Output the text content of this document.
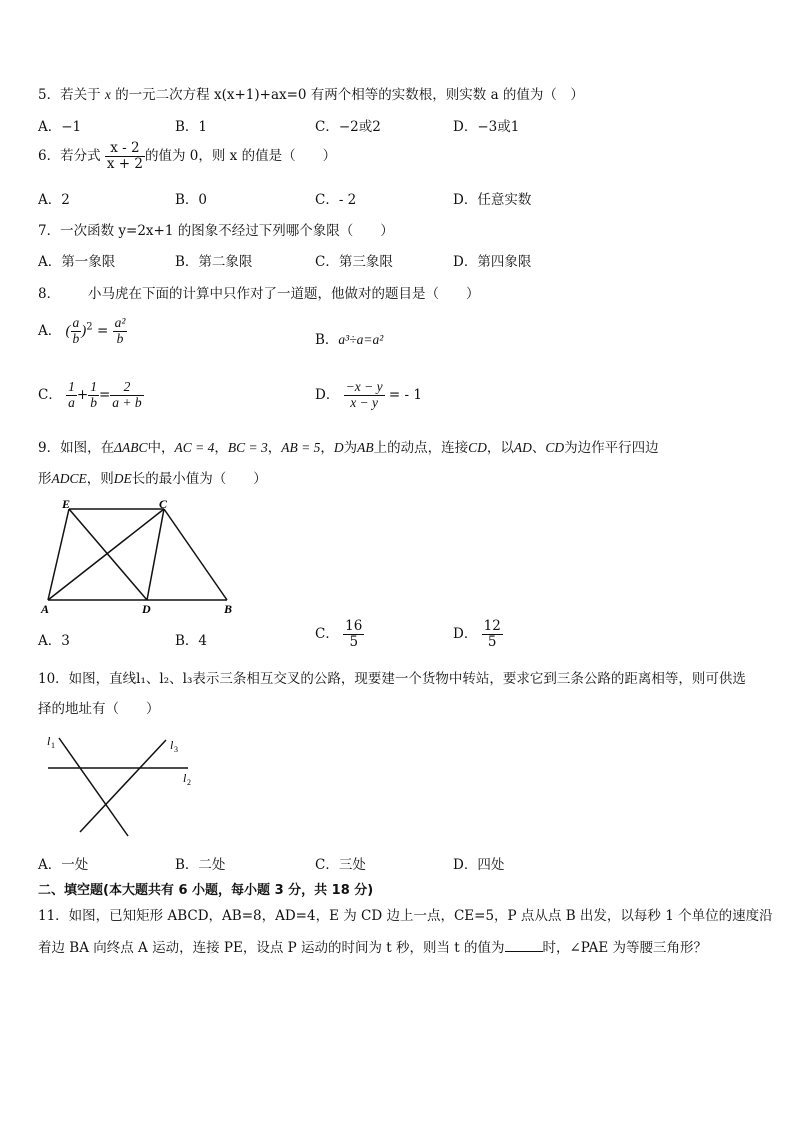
5．若关于 x 的一元二次方程 x(x+1)+ax=0 有两个相等的实数根，则实数 a 的值为（　）
A．−1	B．1	C．−2或2	D．−3或1
6．若分式 $\frac{x - 2}{x + 2}$ 的值为 0，则 x 的值是（　　）
A．2	B．0	C．- 2	D．任意实数
7．一次函数 y=2x+1 的图象不经过下列哪个象限（　　）
A．第一象限	B．第二象限	C．第三象限	D．第四象限
8． 小马虎在下面的计算中只作对了一道题，他做对的题目是（　　）
A． ( $\frac{a}{b} )^2 = \frac{\text{a²}}{b}$	B．a³÷a=a²
C． $\frac{1}{a} + \frac{1}{b} = \frac{2}{a + b}$	D． $\frac{-x - y}{x - y}$ = - 1
9．如图，在ΔABC中，AC = 4，BC = 3，AB = 5，D为AB上的动点，连接CD，以AD、CD为边作平行四边
形ADCE，则DE长的最小值为（　　）
E	C
A	D	B
A．3	B．4	C． $\frac{16}{5}$	D． $\frac{12}{5}$
10．如图，直线l₁、l₂、l₃表示三条相互交叉的公路，现要建一个货物中转站，要求它到三条公路的距离相等，则可供选
择的地址有（　　）
l 1
l 2
l 3
A．一处	B．二处	C．三处	D．四处
二、填空题(本大题共有 6 小题，每小题 3 分，共 18 分)
11．如图，已知矩形 ABCD，AB=8，AD=4，E 为 CD 边上一点，CE=5，P 点从点 B 出发，以每秒 1 个单位的速度沿
着边 BA 向终点 A 运动，连接 PE，设点 P 运动的时间为 t 秒，则当 t 的值为	时，∠PAE 为等腰三角形？
